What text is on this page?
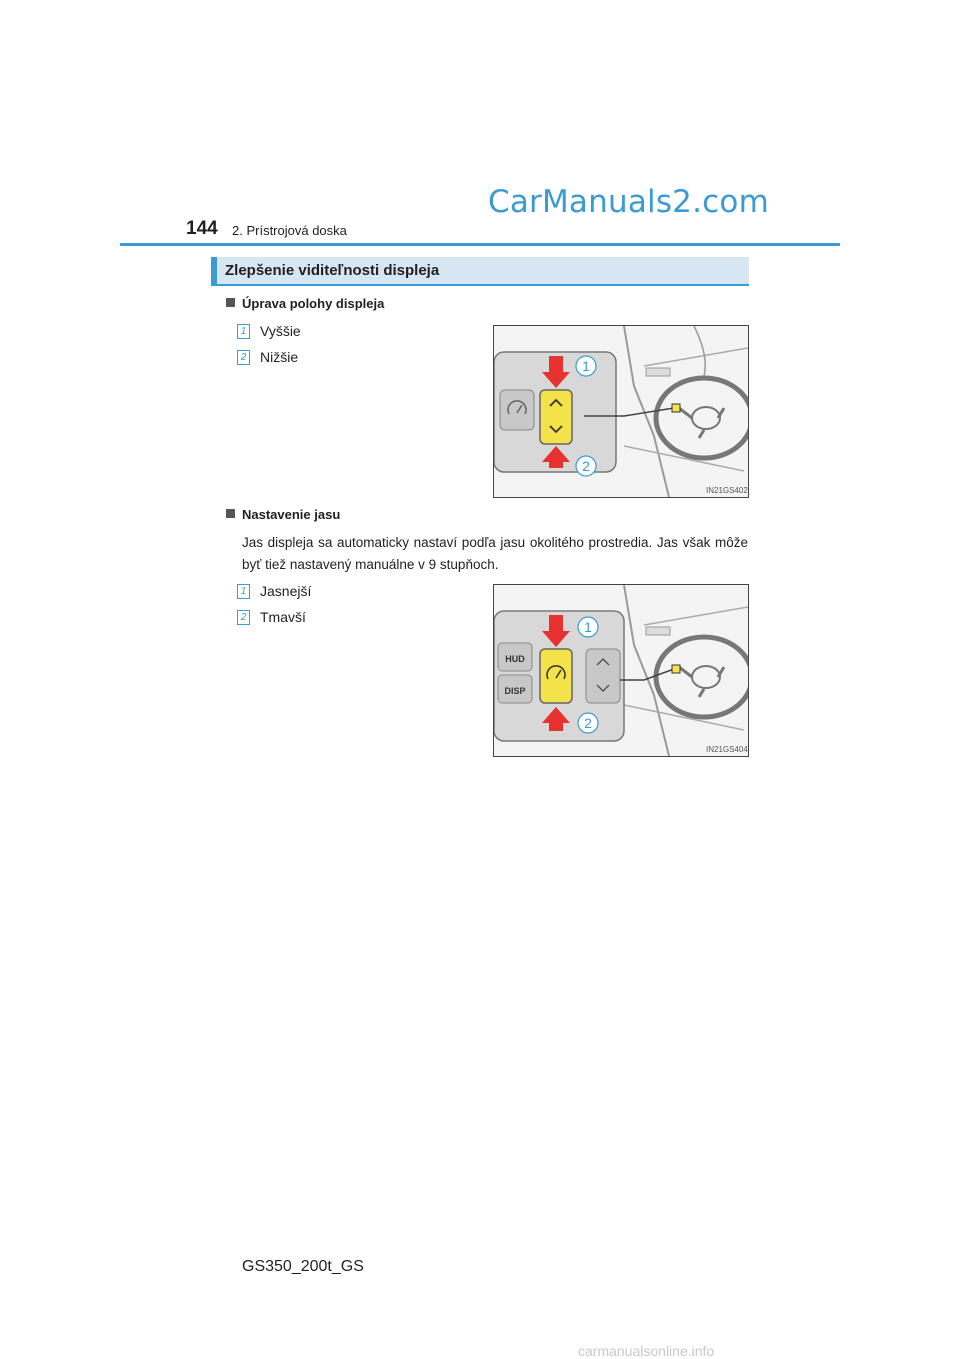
CarManuals2.com
144 2. Prístrojová doska
Zlepšenie viditeľnosti displeja
Úprava polohy displeja
1 Vyššie
2 Nižšie
1
2
IN21GS402
Nastavenie jasu
Jas displeja sa automaticky nastaví podľa jasu okolitého prostredia. Jas však môže byť tiež nastavený manuálne v 9 stupňoch.
1 Jasnejší
2 Tmavší
HUD
DISP
1
2
IN21GS404
GS350_200t_GS
carmanualsonline.info
